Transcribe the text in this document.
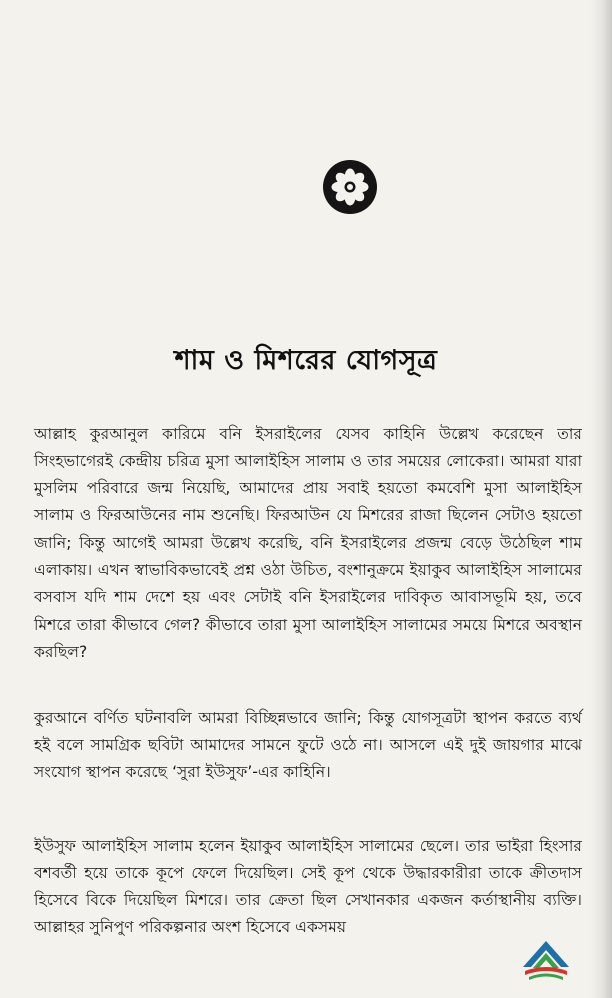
শাম ও মিশরের যোগসূত্র

আল্লাহ কুরআনুল কারিমে বনি ইসরাইলের যেসব কাহিনি উল্লেখ করেছেন তার সিংহভাগেরই কেন্দ্রীয় চরিত্র মুসা আলাইহিস সালাম ও তার সময়ের লোকেরা। আমরা যারা মুসলিম পরিবারে জন্ম নিয়েছি, আমাদের প্রায় সবাই হয়তো কমবেশি মুসা আলাইহিস সালাম ও ফিরআউনের নাম শুনেছি। ফিরআউন যে মিশরের রাজা ছিলেন সেটাও হয়তো জানি; কিন্তু আগেই আমরা উল্লেখ করেছি, বনি ইসরাইলের প্রজন্ম বেড়ে উঠেছিল শাম এলাকায়। এখন স্বাভাবিকভাবেই প্রশ্ন ওঠা উচিত, বংশানুক্রমে ইয়াকুব আলাইহিস সালামের বসবাস যদি শাম দেশে হয় এবং সেটাই বনি ইসরাইলের দাবিকৃত আবাসভূমি হয়, তবে মিশরে তারা কীভাবে গেল? কীভাবে তারা মুসা আলাইহিস সালামের সময়ে মিশরে অবস্থান করছিল?

কুরআনে বর্ণিত ঘটনাবলি আমরা বিচ্ছিন্নভাবে জানি; কিন্তু যোগসূত্রটা স্থাপন করতে ব্যর্থ হই বলে সামগ্রিক ছবিটা আমাদের সামনে ফুটে ওঠে না। আসলে এই দুই জায়গার মাঝে সংযোগ স্থাপন করেছে ‘সুরা ইউসুফ’-এর কাহিনি।

ইউসুফ আলাইহিস সালাম হলেন ইয়াকুব আলাইহিস সালামের ছেলে। তার ভাইরা হিংসার বশবর্তী হয়ে তাকে কূপে ফেলে দিয়েছিল। সেই কূপ থেকে উদ্ধারকারীরা তাকে ক্রীতদাস হিসেবে বিকে দিয়েছিল মিশরে। তার ক্রেতা ছিল সেখানকার একজন কর্তাস্থানীয় ব্যক্তি। আল্লাহর সুনিপুণ পরিকল্পনার অংশ হিসেবে একসময়
